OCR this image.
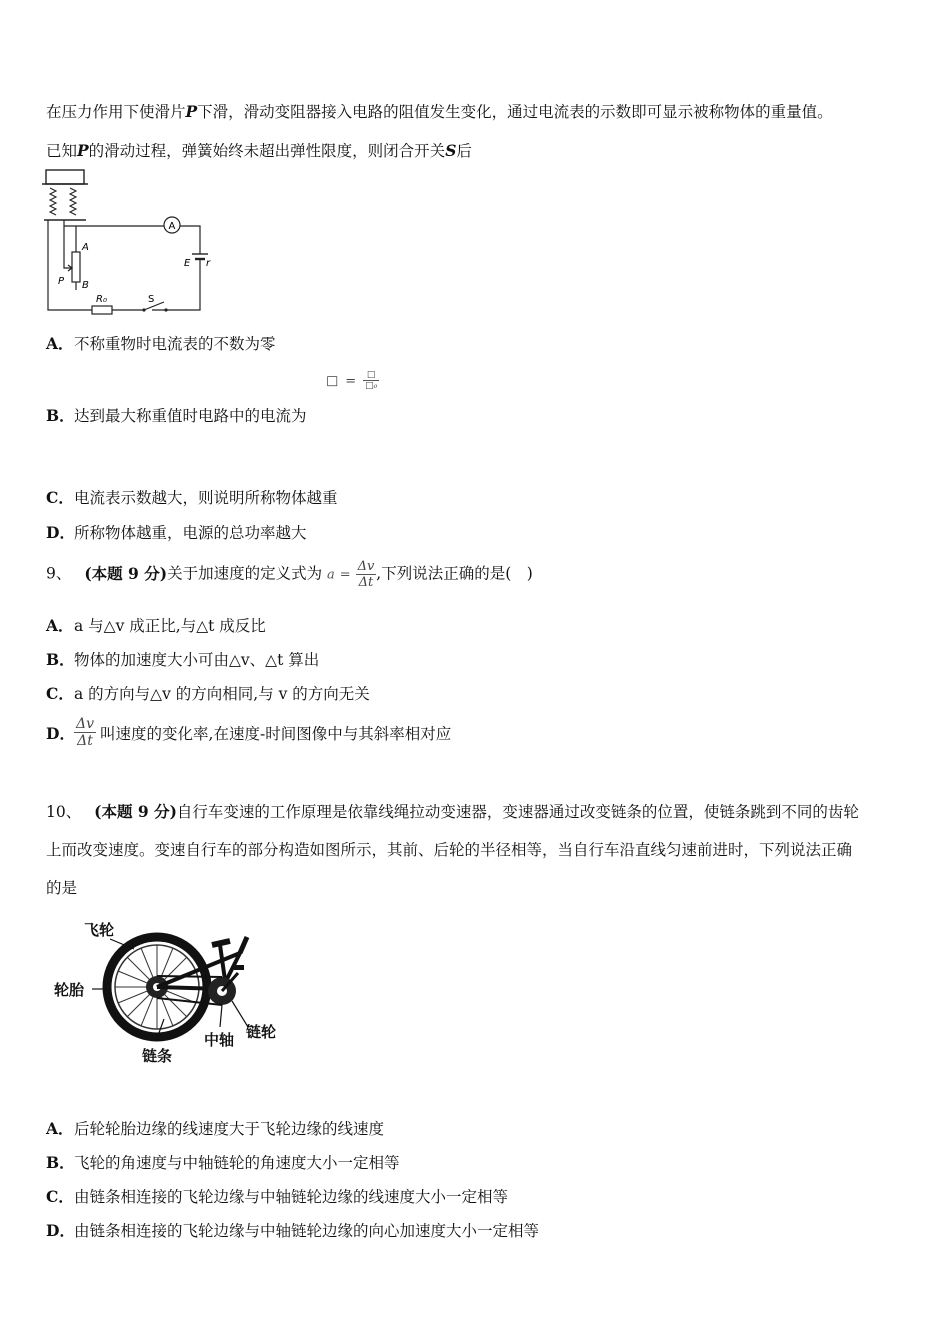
在压力作用下使滑片P下滑，滑动变阻器接入电路的阻值发生变化，通过电流表的示数即可显示被称物体的重量值。
已知P的滑动过程，弹簧始终未超出弹性限度，则闭合开关S后
A
E r
A
B
P
R₀	S
A．不称重物时电流表的不数为零
□ = $\frac{□}{\text{□₀}}$
B．达到最大称重值时电路中的电流为
C．电流表示数越大，则说明所称物体越重
D．所称物体越重，电源的总功率越大
9、 (本题 9 分)关于加速度的定义式为 $a = \frac{\Delta v}{\Delta t}$ ,下列说法正确的是(　)
A．a 与△v 成正比,与△t 成反比
B．物体的加速度大小可由△v、△t 算出
C．a 的方向与△v 的方向相同,与 v 的方向无关
D． $\frac{\Delta v}{\Delta t}$ 叫速度的变化率,在速度-时间图像中与其斜率相对应
10、 (本题 9 分)自行车变速的工作原理是依靠线绳拉动变速器，变速器通过改变链条的位置，使链条跳到不同的齿轮
上而改变速度。变速自行车的部分构造如图所示，其前、后轮的半径相等，当自行车沿直线匀速前进时，下列说法正确
的是
飞轮
轮胎
链条
中轴 链轮
A．后轮轮胎边缘的线速度大于飞轮边缘的线速度
B．飞轮的角速度与中轴链轮的角速度大小一定相等
C．由链条相连接的飞轮边缘与中轴链轮边缘的线速度大小一定相等
D．由链条相连接的飞轮边缘与中轴链轮边缘的向心加速度大小一定相等
